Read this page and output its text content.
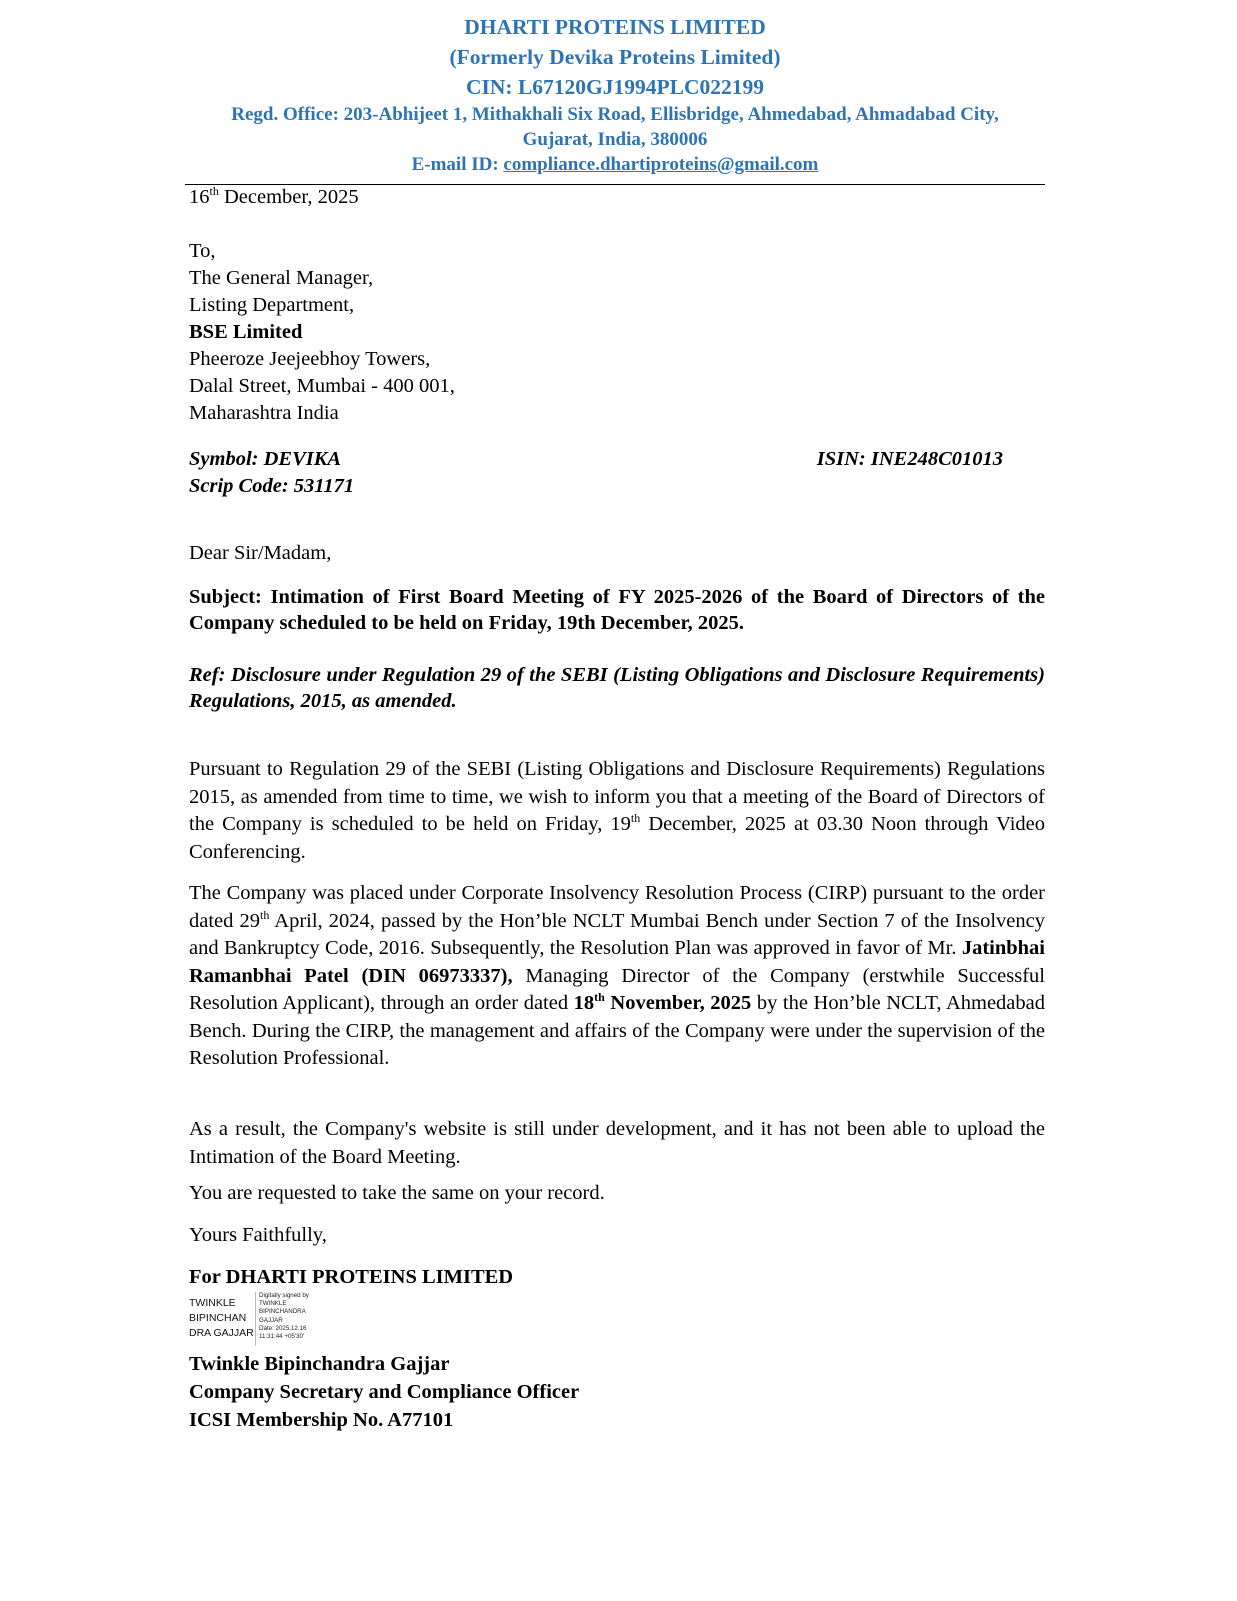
DHARTI PROTEINS LIMITED
(Formerly Devika Proteins Limited)
CIN: L67120GJ1994PLC022199
Regd. Office: 203-Abhijeet 1, Mithakhali Six Road, Ellisbridge, Ahmedabad, Ahmadabad City,
Gujarat, India, 380006
E-mail ID: compliance.dhartiproteins@gmail.com
16th December, 2025
To,
The General Manager,
Listing Department,
BSE Limited
Pheeroze Jeejeebhoy Towers,
Dalal Street, Mumbai - 400 001,
Maharashtra India
Symbol: DEVIKA	ISIN: INE248C01013
Scrip Code: 531171
Dear Sir/Madam,
Subject: Intimation of First Board Meeting of FY 2025-2026 of the Board of Directors of the Company scheduled to be held on Friday, 19th December, 2025.
Ref: Disclosure under Regulation 29 of the SEBI (Listing Obligations and Disclosure Requirements) Regulations, 2015, as amended.
Pursuant to Regulation 29 of the SEBI (Listing Obligations and Disclosure Requirements) Regulations 2015, as amended from time to time, we wish to inform you that a meeting of the Board of Directors of the Company is scheduled to be held on Friday, 19th December, 2025 at 03.30 Noon through Video Conferencing.
The Company was placed under Corporate Insolvency Resolution Process (CIRP) pursuant to the order dated 29th April, 2024, passed by the Hon’ble NCLT Mumbai Bench under Section 7 of the Insolvency and Bankruptcy Code, 2016. Subsequently, the Resolution Plan was approved in favor of Mr. Jatinbhai Ramanbhai Patel (DIN 06973337), Managing Director of the Company (erstwhile Successful Resolution Applicant), through an order dated 18th November, 2025 by the Hon’ble NCLT, Ahmedabad Bench. During the CIRP, the management and affairs of the Company were under the supervision of the Resolution Professional.
As a result, the Company's website is still under development, and it has not been able to upload the Intimation of the Board Meeting.
You are requested to take the same on your record.
Yours Faithfully,
For DHARTI PROTEINS LIMITED
TWINKLE
BIPINCHAN
DRA GAJJAR
Digitally signed by
TWINKLE
BIPINCHANDRA
GAJJAR
Date: 2025.12.16
11:31:44 +05'30'
Twinkle Bipinchandra Gajjar
Company Secretary and Compliance Officer
ICSI Membership No. A77101
